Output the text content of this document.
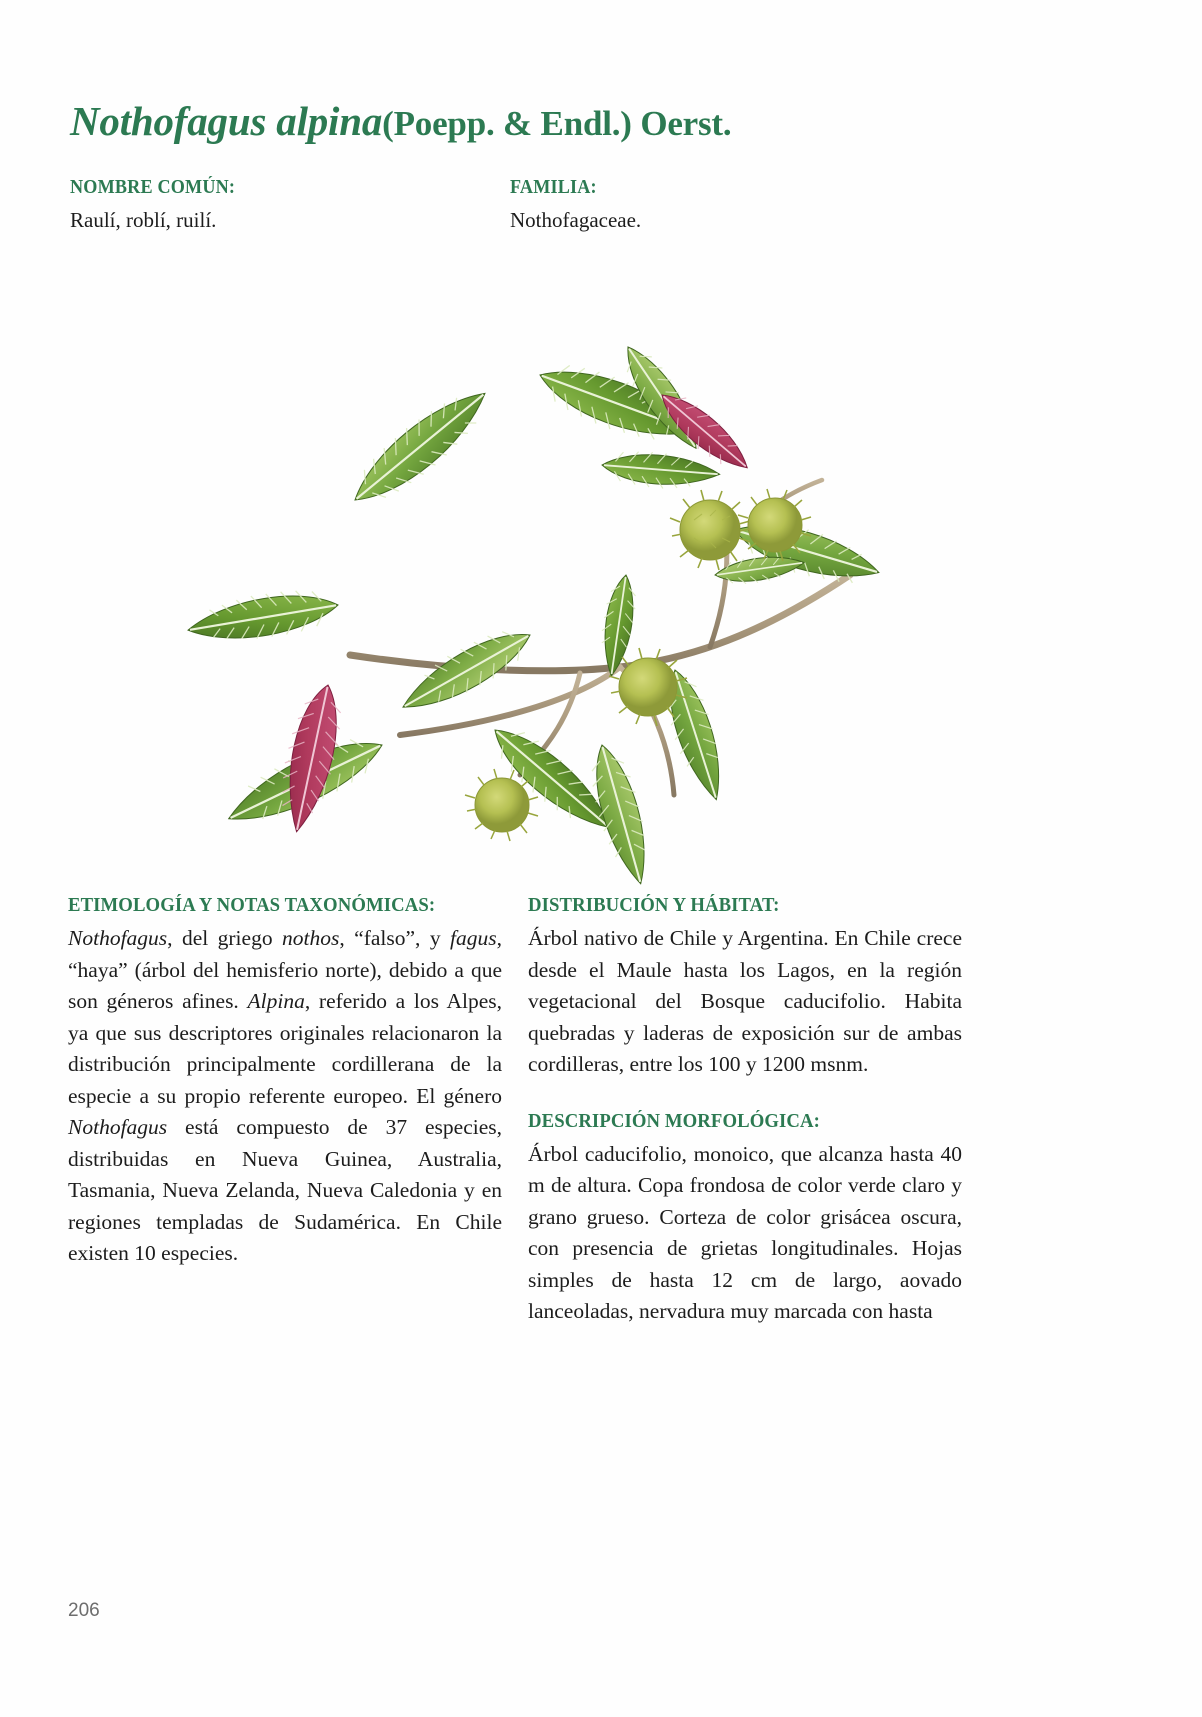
Nothofagus alpina(Poepp. & Endl.) Oerst.
NOMBRE COMÚN:
Raulí, roblí, ruilí.
FAMILIA:
Nothofagaceae.
ETIMOLOGÍA Y NOTAS TAXONÓMICAS:

Nothofagus, del griego nothos, “falso”, y fagus, “haya” (árbol del hemisferio norte), debido a que son géneros afines. Alpina, referido a los Alpes, ya que sus descriptores originales relacionaron la distribución principalmente cordillerana de la especie a su propio referente europeo. El género Nothofagus está compuesto de 37 especies, distribuidas en Nueva Guinea, Australia, Tasmania, Nueva Zelanda, Nueva Caledonia y en regiones templadas de Sudamérica. En Chile existen 10 especies.

DISTRIBUCIÓN Y HÁBITAT:

Árbol nativo de Chile y Argentina. En Chile crece desde el Maule hasta los Lagos, en la región vegetacional del Bosque caducifolio. Habita quebradas y laderas de exposición sur de ambas cordilleras, entre los 100 y 1200 msnm.

DESCRIPCIÓN MORFOLÓGICA:

Árbol caducifolio, monoico, que alcanza hasta 40 m de altura. Copa frondosa de color verde claro y grano grueso. Corteza de color grisácea oscura, con presencia de grietas longitudinales. Hojas simples de hasta 12 cm de largo, aovado lanceoladas, nervadura muy marcada con hasta

206
